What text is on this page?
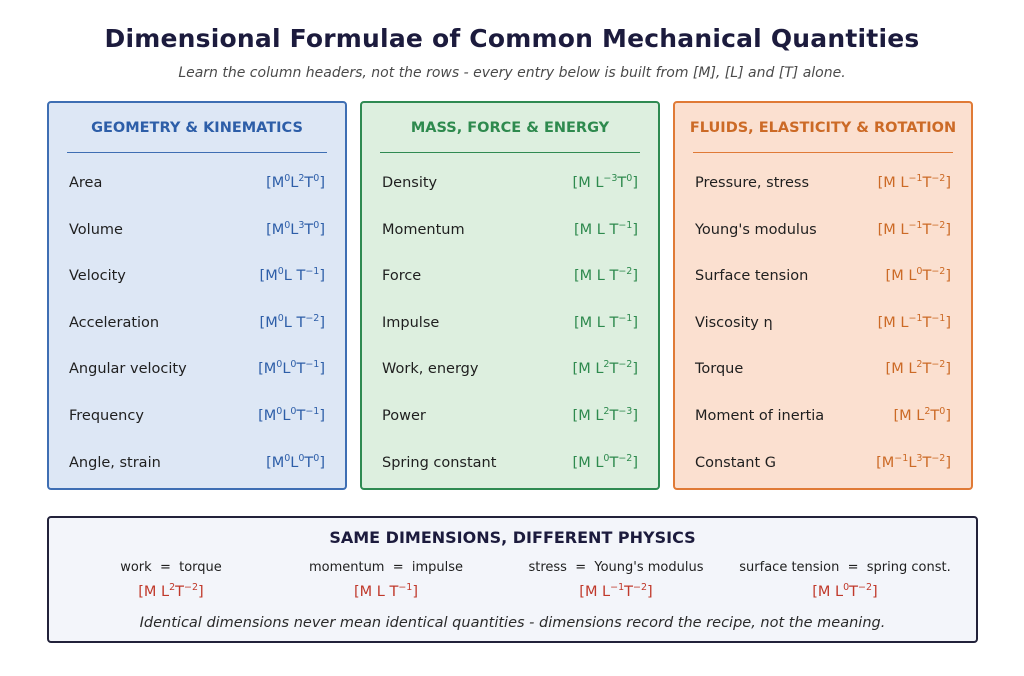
Dimensional Formulae of Common Mechanical Quantities
Learn the column headers, not the rows - every entry below is built from [M], [L] and [T] alone.
GEOMETRY & KINEMATICS
Area	$[M^0L^2T^0]$
Volume	$[M^0L^3T^0]$
Velocity	[$M^0L$ $T^{-1}$]
Acceleration	[$M^0L$ $T^{-2}$]
Angular velocity	$[M^0L^0T^{-1}]$
Frequency	$[M^0L^0T^{-1}]$
Angle, strain	$[M^0L^0T^0]$
MASS, FORCE & ENERGY
Density	[M $L^{-3}T^0$]
Momentum	[M L $T^{-1}$]
Force	[M L $T^{-2}$]
Impulse	[M L $T^{-1}$]
Work, energy	[M $L^2T^{-2}$]
Power	[M $L^2T^{-3}$]
Spring constant	[M $L^0T^{-2}$]
FLUIDS, ELASTICITY & ROTATION
Pressure, stress	[M $L^{-1}T^{-2}$]
Young's modulus	[M $L^{-1}T^{-2}$]
Surface tension	[M $L^0T^{-2}$]
Viscosity η	[M $L^{-1}T^{-1}$]
Torque	[M $L^2T^{-2}$]
Moment of inertia	[M $L^2T^0$]
Constant G	$[M^{-1}L^3T^{-2}]$
SAME DIMENSIONS, DIFFERENT PHYSICS
work  =  torque
[M $L^2T^{-2}$]
momentum  =  impulse
[M L $T^{-1}$]
stress  =  Young's modulus
[M $L^{-1}T^{-2}$]
surface tension  =  spring const.
[M $L^0T^{-2}$]
Identical dimensions never mean identical quantities - dimensions record the recipe, not the meaning.
